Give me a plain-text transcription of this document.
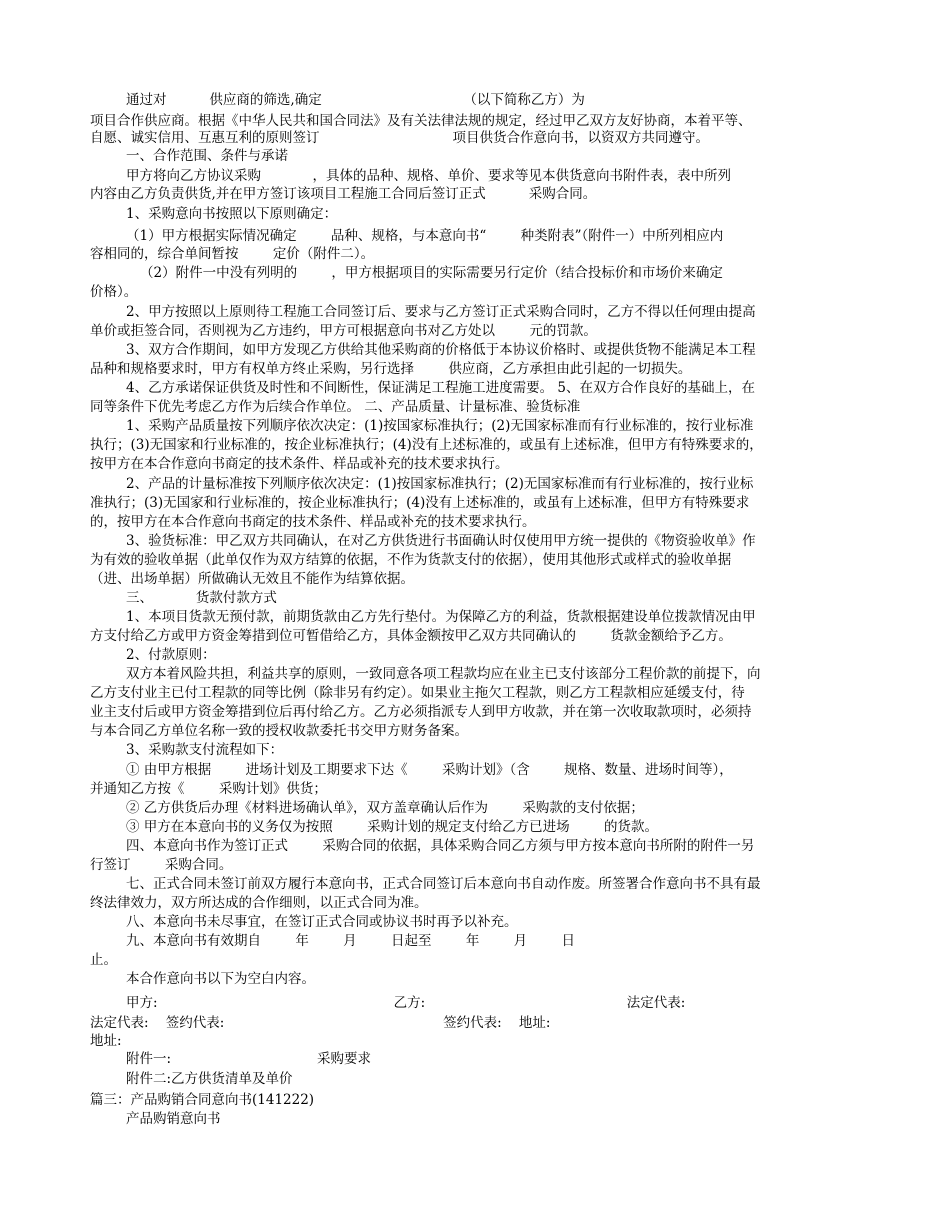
通过对          供应商的筛选,确定                                 （以下简称乙方）为
项目合作供应商。根据《中华人民共和国合同法》及有关法律法规的规定，经过甲乙双方友好协商，本着平等、
自愿、诚实信用、互惠互利的原则签订                               项目供货合作意向书，以资双方共同遵守。
一、合作范围、条件与承诺
甲方将向乙方协议采购            ，具体的品种、规格、单价、要求等见本供货意向书附件表，表中所列
内容由乙方负责供货,并在甲方签订该项目工程施工合同后签订正式          采购合同。
1、采购意向书按照以下原则确定：
（1）甲方根据实际情况确定        品种、规格，与本意向书“        种类附表”（附件一）中所列相应内
容相同的，综合单间暂按        定价（附件二）。
（2）附件一中没有列明的        ，甲方根据项目的实际需要另行定价（结合投标价和市场价来确定
价格）。
2、甲方按照以上原则待工程施工合同签订后、要求与乙方签订正式采购合同时，乙方不得以任何理由提高
单价或拒签合同，否则视为乙方违约，甲方可根据意向书对乙方处以        元的罚款。
3、双方合作期间，如甲方发现乙方供给其他采购商的价格低于本协议价格时、或提供货物不能满足本工程
品种和规格要求时，甲方有权单方终止采购，另行选择        供应商，乙方承担由此引起的一切损失。
4、乙方承诺保证供货及时性和不间断性，保证满足工程施工进度需要。 5、在双方合作良好的基础上，在
同等条件下优先考虑乙方作为后续合作单位。 二、产品质量、计量标准、验货标准
1、采购产品质量按下列顺序依次决定：(1)按国家标准执行；(2)无国家标准而有行业标准的，按行业标准
执行；(3)无国家和行业标准的，按企业标准执行；(4)没有上述标准的，或虽有上述标准，但甲方有特殊要求的，
按甲方在本合作意向书商定的技术条件、样品或补充的技术要求执行。
2、产品的计量标准按下列顺序依次决定：(1)按国家标准执行；(2)无国家标准而有行业标准的，按行业标
准执行；(3)无国家和行业标准的，按企业标准执行；(4)没有上述标准的，或虽有上述标准，但甲方有特殊要求
的，按甲方在本合作意向书商定的技术条件、样品或补充的技术要求执行。
3、验货标准：甲乙双方共同确认，在对乙方供货进行书面确认时仅使用甲方统一提供的《物资验收单》作
为有效的验收单据（此单仅作为双方结算的依据，不作为货款支付的依据），使用其他形式或样式的验收单据
（进、出场单据）所做确认无效且不能作为结算依据。
三、          货款付款方式
1、本项目货款无预付款，前期货款由乙方先行垫付。为保障乙方的利益，货款根据建设单位拨款情况由甲
方支付给乙方或甲方资金筹措到位可暂借给乙方，具体金额按甲乙双方共同确认的        货款金额给予乙方。
2、付款原则：
双方本着风险共担，利益共享的原则，一致同意各项工程款均应在业主已支付该部分工程价款的前提下，向
乙方支付业主已付工程款的同等比例（除非另有约定）。如果业主拖欠工程款，则乙方工程款相应延缓支付，待
业主支付后或甲方资金筹措到位后再付给乙方。乙方必须指派专人到甲方收款，并在第一次收取款项时，必须持
与本合同乙方单位名称一致的授权收款委托书交甲方财务备案。
3、采购款支付流程如下：
① 由甲方根据        进场计划及工期要求下达《        采购计划》（含        规格、数量、进场时间等），
并通知乙方按《        采购计划》供货；
② 乙方供货后办理《材料进场确认单》，双方盖章确认后作为        采购款的支付依据；
③ 甲方在本意向书的义务仅为按照        采购计划的规定支付给乙方已进场        的货款。
四、本意向书作为签订正式        采购合同的依据，具体采购合同乙方须与甲方按本意向书所附的附件一另
行签订        采购合同。
七、正式合同未签订前双方履行本意向书，正式合同签订后本意向书自动作废。所签署合作意向书不具有最
终法律效力，双方所达成的合作细则，以正式合同为准。
八、本意向书未尽事宜，在签订正式合同或协议书时再予以补充。
九、本意向书有效期自        年        月        日起至        年        月        日
止。
本合作意向书以下为空白内容。
甲方:                                                       乙方:                                               法定代表:
法定代表:    签约代表:                                                   签约代表:    地址:
地址:
附件一:                                  采购要求
附件二:乙方供货清单及单价
篇三：产品购销合同意向书(141222)
产品购销意向书
